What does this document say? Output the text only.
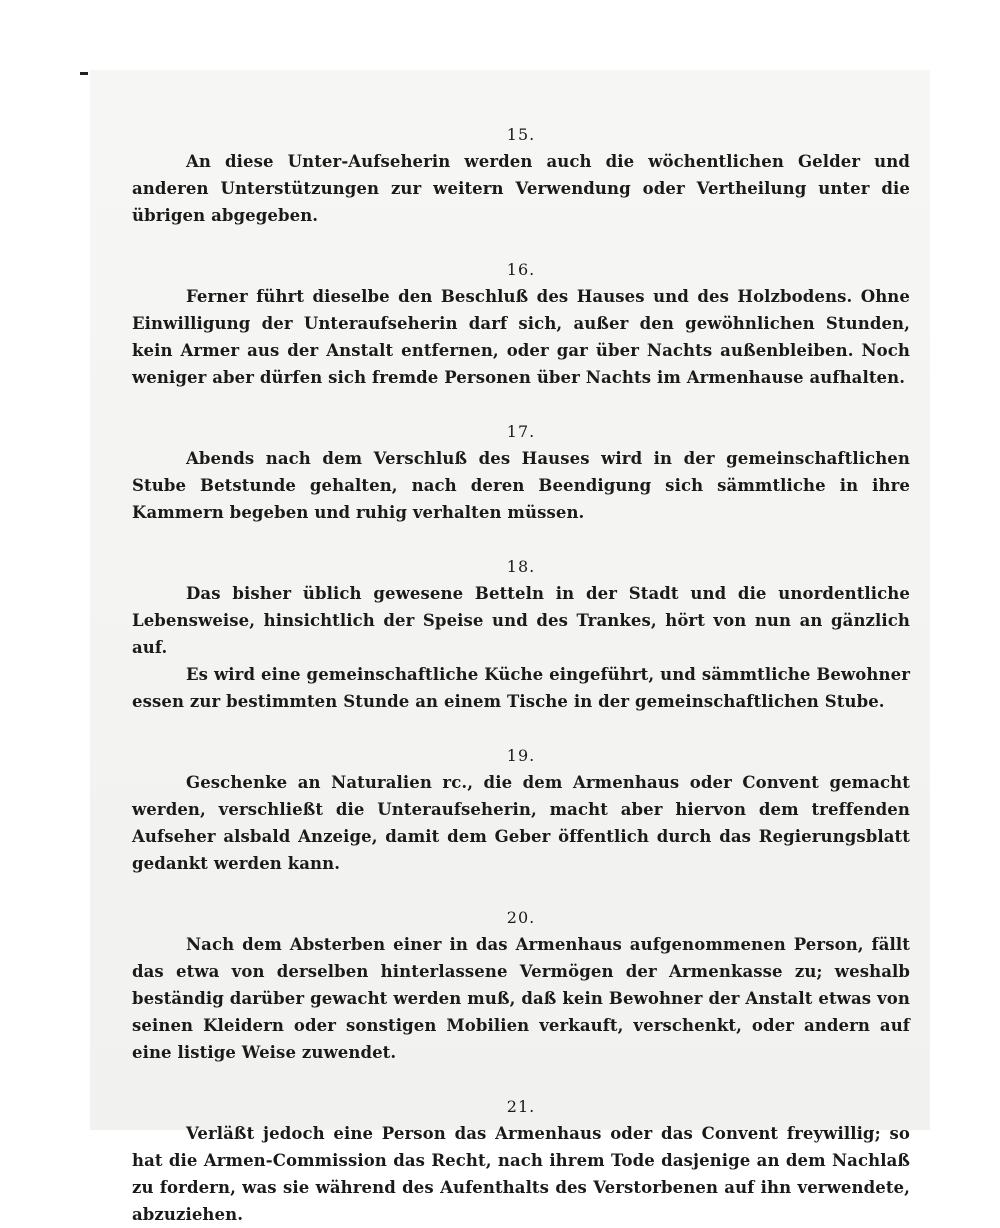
15.

An diese Unter-Aufseherin werden auch die wöchentlichen Gelder und anderen Unterstützungen zur weitern Verwendung oder Vertheilung unter die übrigen abgegeben.

16.

Ferner führt dieselbe den Beschluß des Hauses und des Holzbodens. Ohne Einwilligung der Unteraufseherin darf sich, außer den gewöhnlichen Stunden, kein Armer aus der Anstalt entfernen, oder gar über Nachts außenbleiben. Noch weniger aber dürfen sich fremde Personen über Nachts im Armenhause aufhalten.

17.

Abends nach dem Verschluß des Hauses wird in der gemeinschaftlichen Stube Betstunde gehalten, nach deren Beendigung sich sämmtliche in ihre Kammern begeben und ruhig verhalten müssen.

18.

Das bisher üblich gewesene Betteln in der Stadt und die unordentliche Lebensweise, hinsichtlich der Speise und des Trankes, hört von nun an gänzlich auf.

Es wird eine gemeinschaftliche Küche eingeführt, und sämmtliche Bewohner essen zur bestimmten Stunde an einem Tische in der gemeinschaftlichen Stube.

19.

Geschenke an Naturalien rc., die dem Armenhaus oder Convent gemacht werden, verschließt die Unteraufseherin, macht aber hiervon dem treffenden Aufseher alsbald Anzeige, damit dem Geber öffentlich durch das Regierungsblatt gedankt werden kann.

20.

Nach dem Absterben einer in das Armenhaus aufgenommenen Person, fällt das etwa von derselben hinterlassene Vermögen der Armenkasse zu; weshalb beständig darüber gewacht werden muß, daß kein Bewohner der Anstalt etwas von seinen Kleidern oder sonstigen Mobilien verkauft, verschenkt, oder andern auf eine listige Weise zuwendet.

21.

Verläßt jedoch eine Person das Armenhaus oder das Convent freywillig; so hat die Armen-Commission das Recht, nach ihrem Tode dasjenige an dem Nachlaß zu fordern, was sie während des Aufenthalts des Verstorbenen auf ihn verwendete, abzuziehen.
